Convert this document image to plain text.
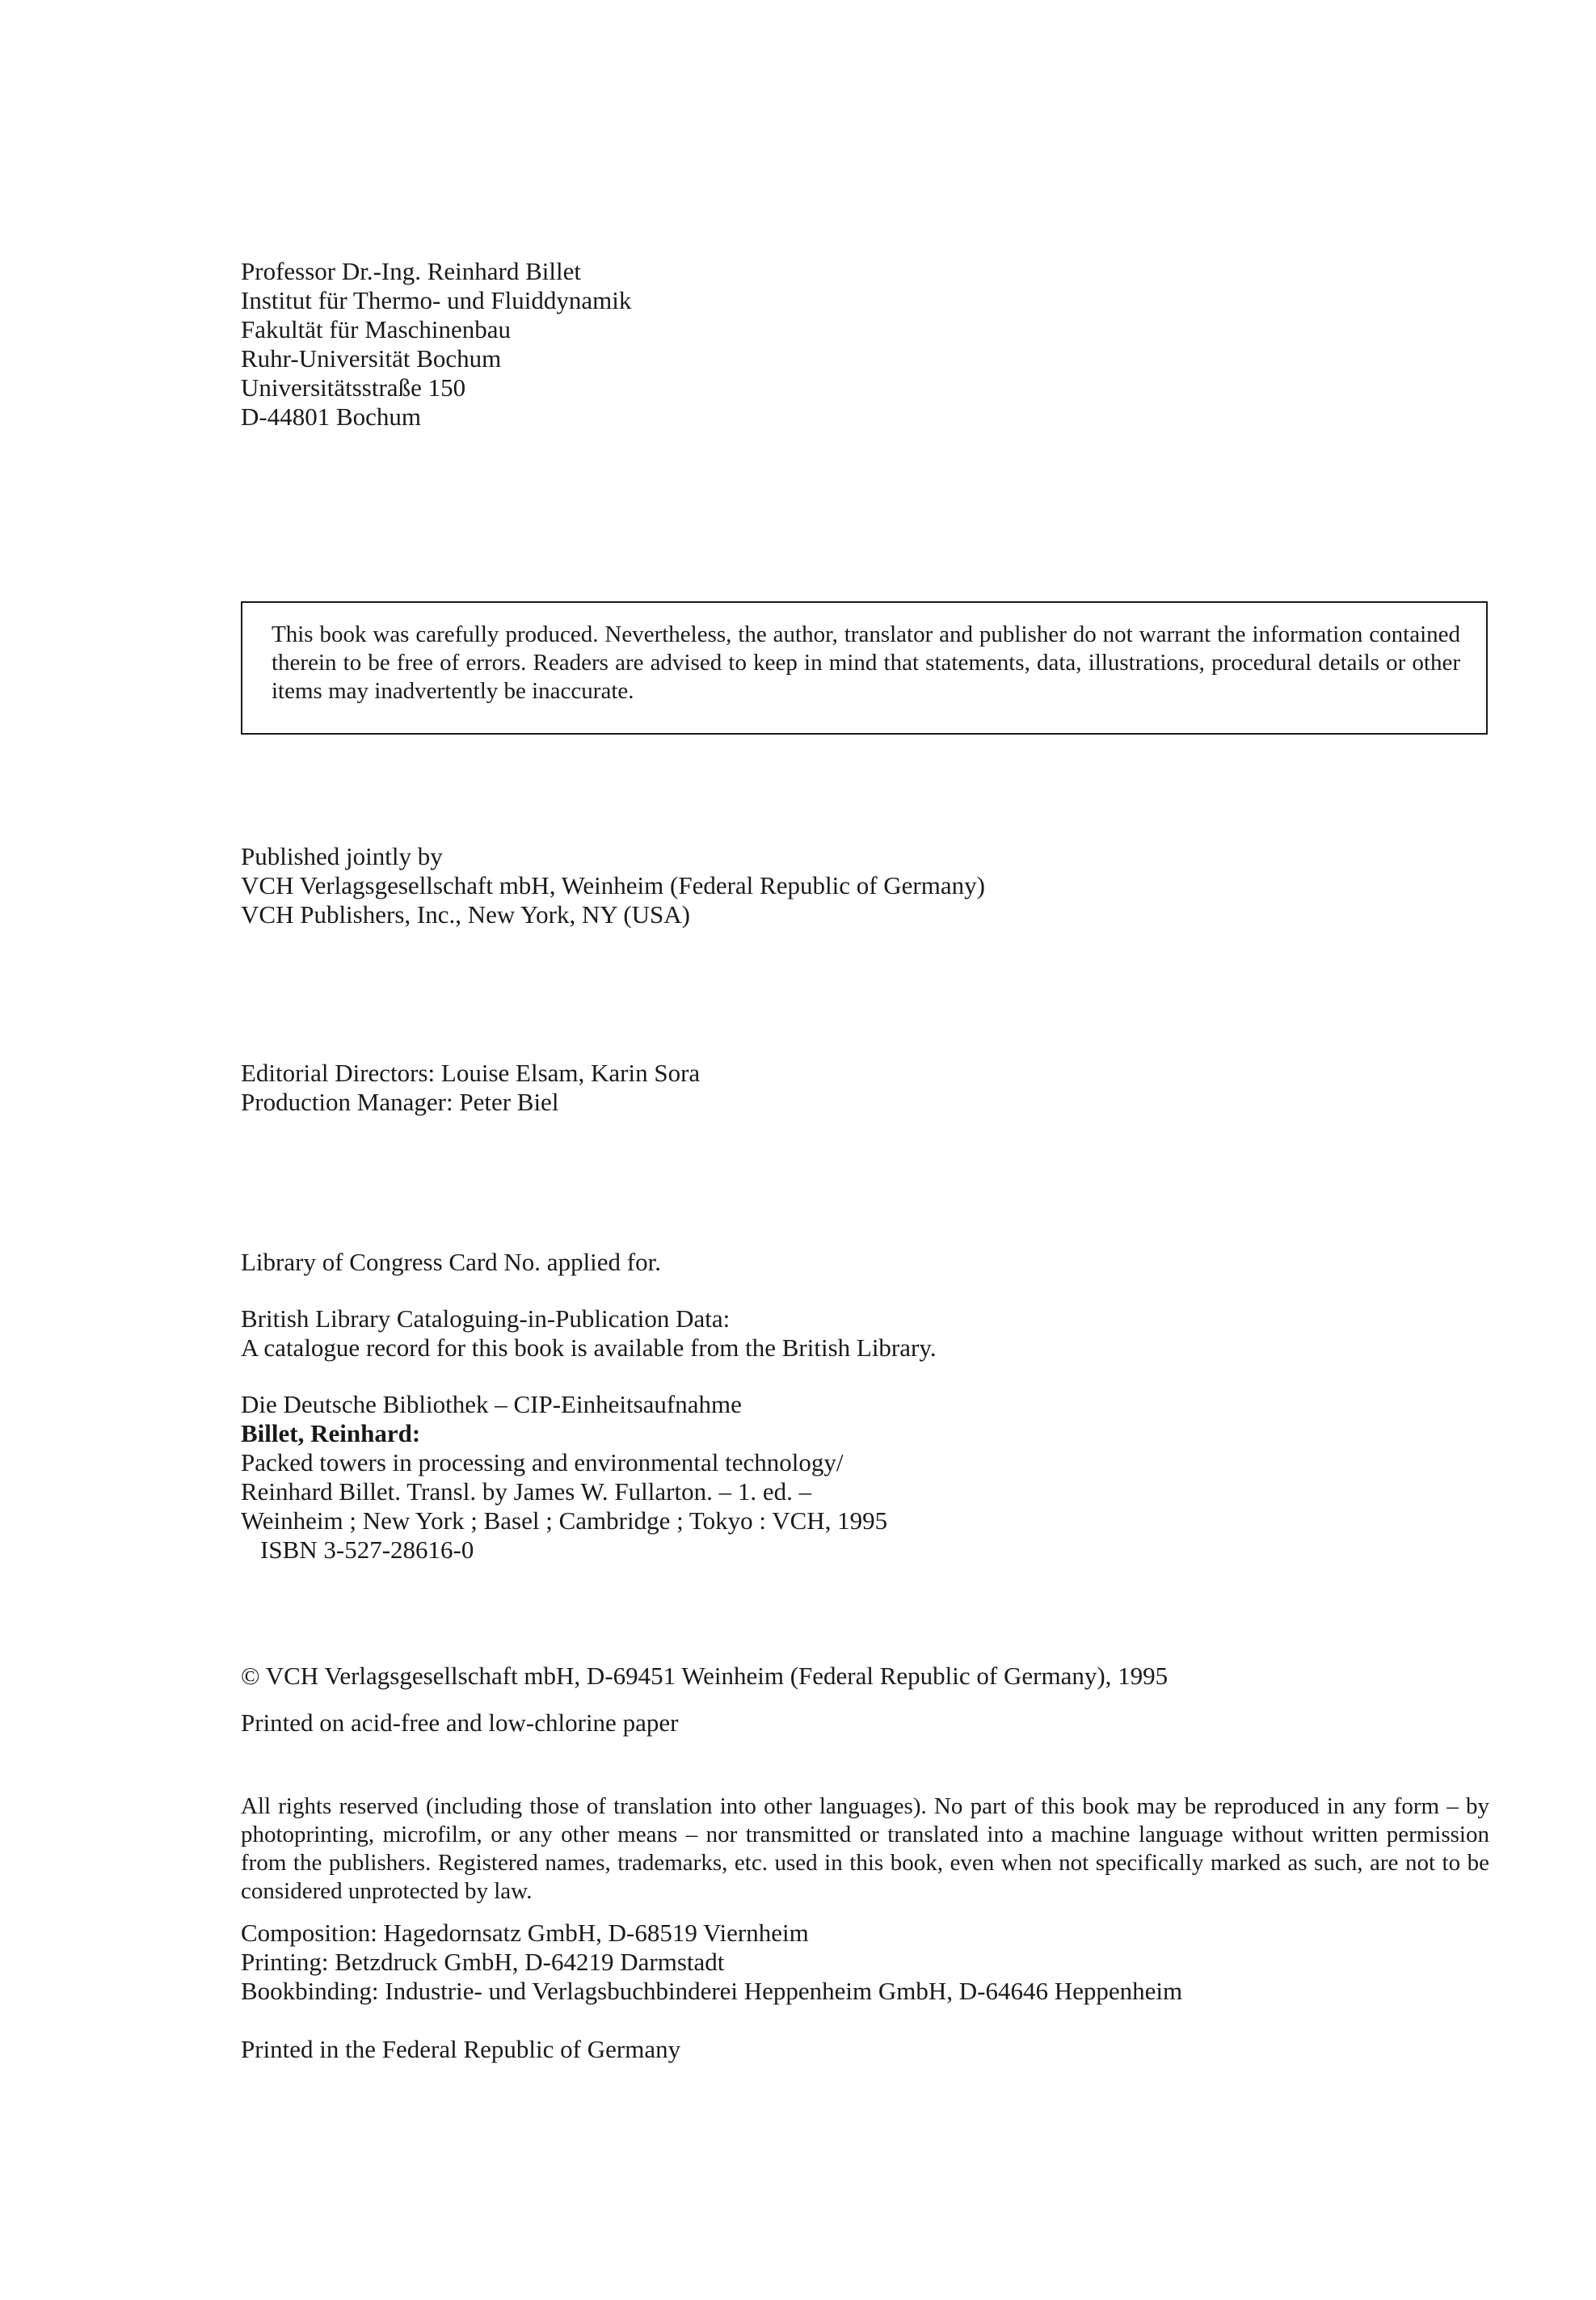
Professor Dr.-Ing. Reinhard Billet
Institut für Thermo- und Fluiddynamik
Fakultät für Maschinenbau
Ruhr-Universität Bochum
Universitätsstraße 150
D-44801 Bochum
This book was carefully produced. Nevertheless, the author, translator and publisher do not warrant the information contained therein to be free of errors. Readers are advised to keep in mind that statements, data, illustrations, procedural details or other items may inadvertently be inaccurate.
Published jointly by
VCH Verlagsgesellschaft mbH, Weinheim (Federal Republic of Germany)
VCH Publishers, Inc., New York, NY (USA)
Editorial Directors: Louise Elsam, Karin Sora
Production Manager: Peter Biel
Library of Congress Card No. applied for.
British Library Cataloguing-in-Publication Data:
A catalogue record for this book is available from the British Library.
Die Deutsche Bibliothek – CIP-Einheitsaufnahme
Billet, Reinhard:
Packed towers in processing and environmental technology/
Reinhard Billet. Transl. by James W. Fullarton. – 1. ed. –
Weinheim ; New York ; Basel ; Cambridge ; Tokyo : VCH, 1995
ISBN 3-527-28616-0
© VCH Verlagsgesellschaft mbH, D-69451 Weinheim (Federal Republic of Germany), 1995
Printed on acid-free and low-chlorine paper
All rights reserved (including those of translation into other languages). No part of this book may be reproduced in any form – by photoprinting, microfilm, or any other means – nor transmitted or translated into a machine language without written permission from the publishers. Registered names, trademarks, etc. used in this book, even when not specifically marked as such, are not to be considered unprotected by law.
Composition: Hagedornsatz GmbH, D-68519 Viernheim
Printing: Betzdruck GmbH, D-64219 Darmstadt
Bookbinding: Industrie- und Verlagsbuchbinderei Heppenheim GmbH, D-64646 Heppenheim
Printed in the Federal Republic of Germany
